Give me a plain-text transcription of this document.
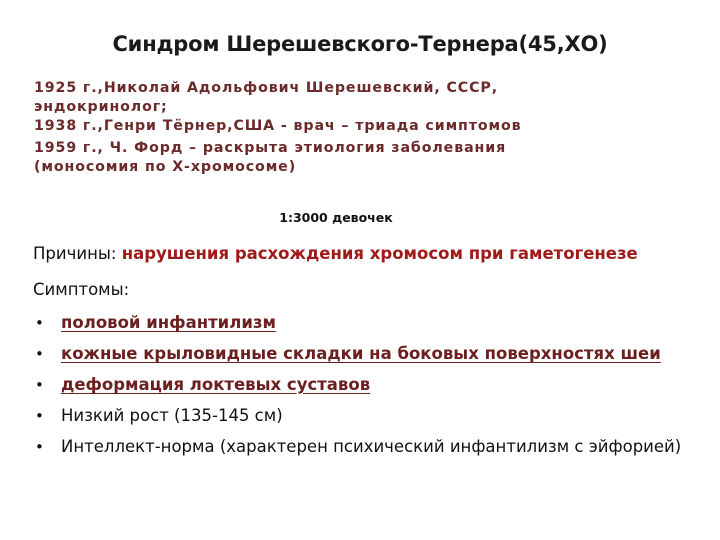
Синдром Шерешевского-Тернера(45,ХО)
1925 г.,Николай Адольфович Шерешевский, СССР,
эндокринолог;
1938 г.,Генри Тёрнер,США - врач – триада симптомов
1959 г., Ч. Форд – раскрыта этиология заболевания
(моносомия по Х-хромосоме)
1:3000 девочек
Причины: нарушения расхождения хромосом при гаметогенезе
Симптомы:
• половой инфантилизм
• кожные крыловидные складки на боковых поверхностях шеи
• деформация локтевых суставов
• Низкий рост (135-145 см)
• Интеллект-норма (характерен психический инфантилизм с эйфорией)
